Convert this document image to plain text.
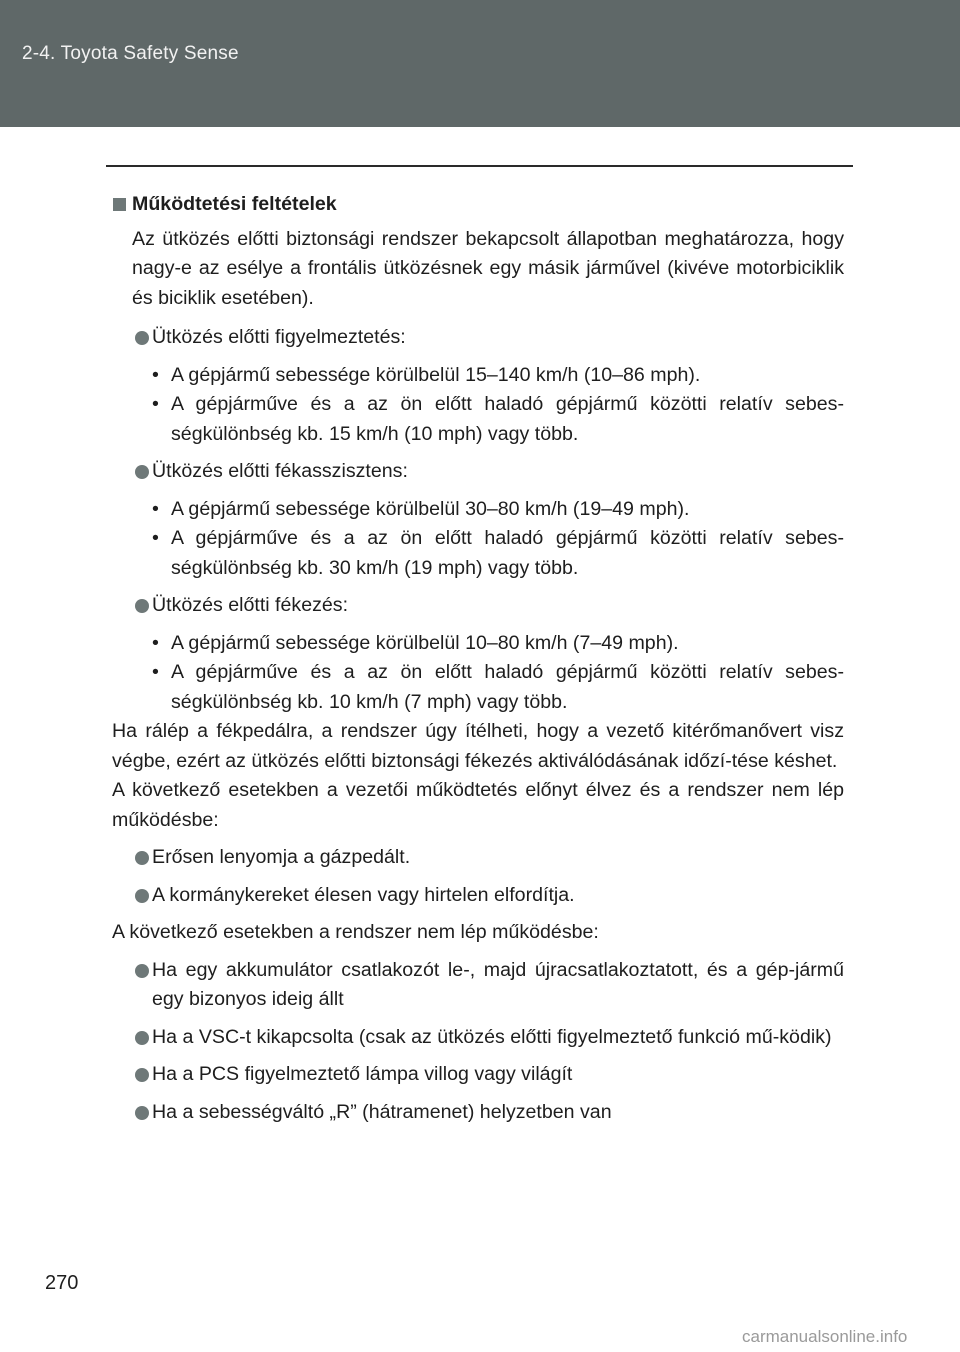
2-4. Toyota Safety Sense
Működtetési feltételek
Az ütközés előtti biztonsági rendszer bekapcsolt állapotban meghatározza, hogy nagy-e az esélye a frontális ütközésnek egy másik járművel (kivéve motorbiciklik és biciklik esetében).
Ütközés előtti figyelmeztetés:
• A gépjármű sebessége körülbelül 15–140 km/h (10–86 mph).
• A gépjárműve és a az ön előtt haladó gépjármű közötti relatív sebes-ségkülönbség kb. 15 km/h (10 mph) vagy több.
Ütközés előtti fékasszisztens:
• A gépjármű sebessége körülbelül 30–80 km/h (19–49 mph).
• A gépjárműve és a az ön előtt haladó gépjármű közötti relatív sebes-ségkülönbség kb. 30 km/h (19 mph) vagy több.
Ütközés előtti fékezés:
• A gépjármű sebessége körülbelül 10–80 km/h (7–49 mph).
• A gépjárműve és a az ön előtt haladó gépjármű közötti relatív sebes-ségkülönbség kb. 10 km/h (7 mph) vagy több.
Ha rálép a fékpedálra, a rendszer úgy ítélheti, hogy a vezető kitérőmanővert visz végbe, ezért az ütközés előtti biztonsági fékezés aktiválódásának időzí-tése késhet.
A következő esetekben a vezetői működtetés előnyt élvez és a rendszer nem lép működésbe:
Erősen lenyomja a gázpedált.
A kormánykereket élesen vagy hirtelen elfordítja.
A következő esetekben a rendszer nem lép működésbe:
Ha egy akkumulátor csatlakozót le-, majd újracsatlakoztatott, és a gép-jármű egy bizonyos ideig állt
Ha a VSC-t kikapcsolta (csak az ütközés előtti figyelmeztető funkció mű-ködik)
Ha a PCS figyelmeztető lámpa villog vagy világít
Ha a sebességváltó „R” (hátramenet) helyzetben van
270
carmanualsonline.info
